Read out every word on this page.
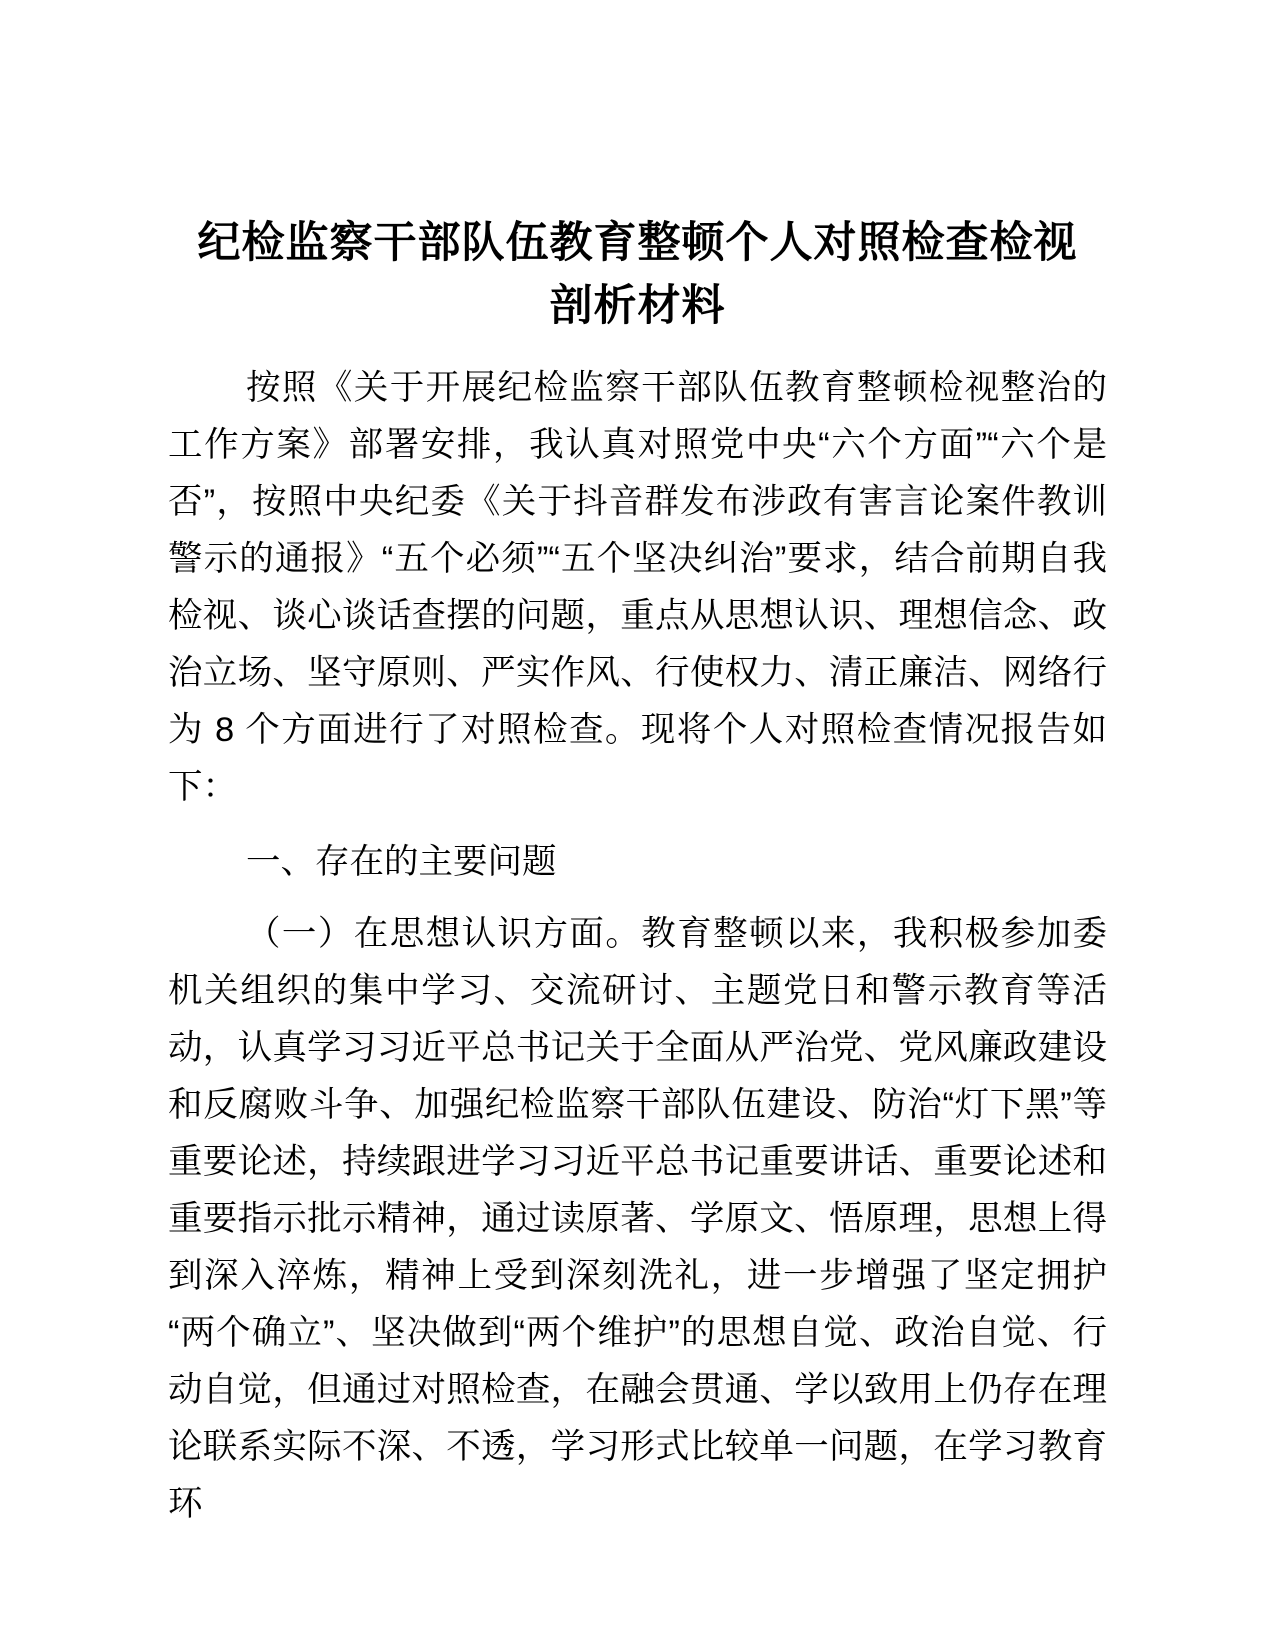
纪检监察干部队伍教育整顿个人对照检查检视
剖析材料

按照《关于开展纪检监察干部队伍教育整顿检视整治的工作方案》部署安排，我认真对照党中央“六个方面”“六个是否”，按照中央纪委《关于抖音群发布涉政有害言论案件教训警示的通报》“五个必须”“五个坚决纠治”要求，结合前期自我检视、谈心谈话查摆的问题，重点从思想认识、理想信念、政治立场、坚守原则、严实作风、行使权力、清正廉洁、网络行为 8 个方面进行了对照检查。现将个人对照检查情况报告如下：

一、存在的主要问题

（一）在思想认识方面。教育整顿以来，我积极参加委机关组织的集中学习、交流研讨、主题党日和警示教育等活动，认真学习习近平总书记关于全面从严治党、党风廉政建设和反腐败斗争、加强纪检监察干部队伍建设、防治“灯下黑”等重要论述，持续跟进学习习近平总书记重要讲话、重要论述和重要指示批示精神，通过读原著、学原文、悟原理，思想上得到深入淬炼，精神上受到深刻洗礼，进一步增强了坚定拥护“两个确立”、坚决做到“两个维护”的思想自觉、政治自觉、行动自觉，但通过对照检查，在融会贯通、学以致用上仍存在理论联系实际不深、不透，学习形式比较单一问题，在学习教育环
